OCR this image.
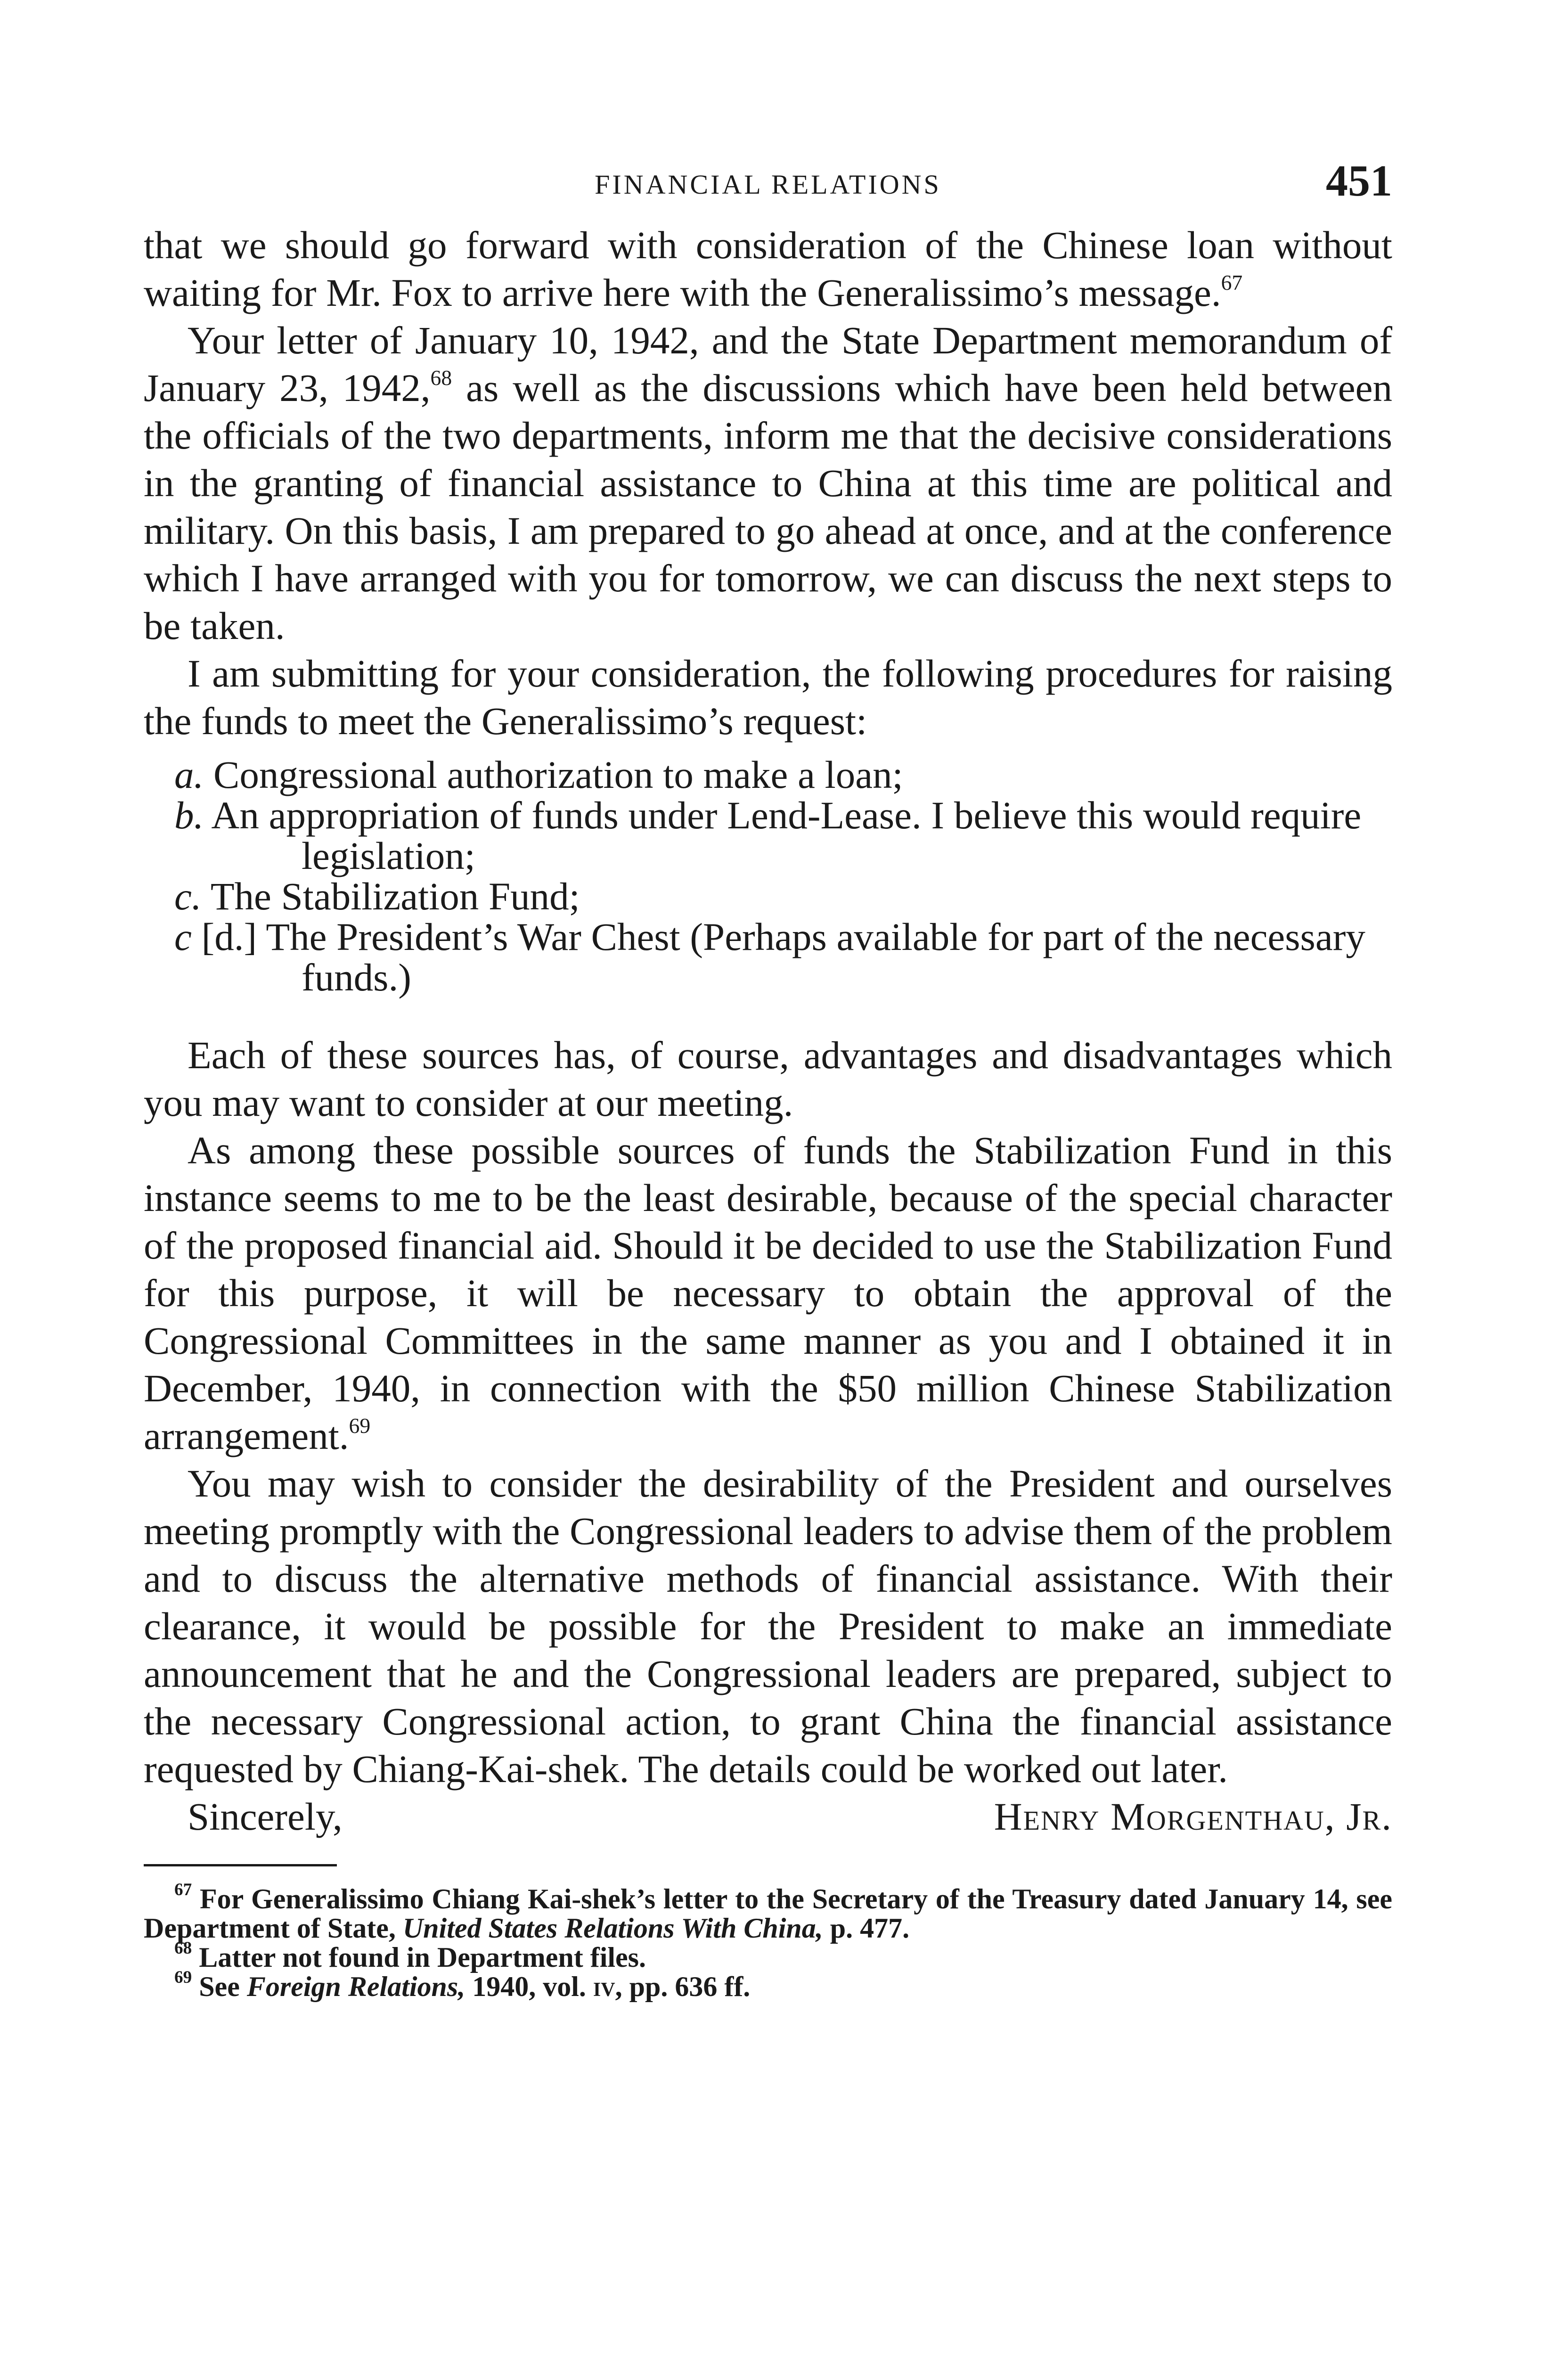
FINANCIAL RELATIONS	451

that we should go forward with consideration of the Chinese loan without waiting for Mr. Fox to arrive here with the Generalissimo’s message.$^{67}$

Your letter of January 10, 1942, and the State Department memorandum of January 23, 1942,68 as well as the discussions which have been held between the officials of the two departments, inform me that the decisive considerations in the granting of financial assistance to China at this time are political and military. On this basis, I am prepared to go ahead at once, and at the conference which I have arranged with you for tomorrow, we can discuss the next steps to be taken.

I am submitting for your consideration, the following procedures for raising the funds to meet the Generalissimo’s request:

a. Congressional authorization to make a loan;
b. An appropriation of funds under Lend-Lease. I believe this would require legislation;
c. The Stabilization Fund;
c [d.] The President’s War Chest (Perhaps available for part of the necessary funds.)

Each of these sources has, of course, advantages and disadvantages which you may want to consider at our meeting.

As among these possible sources of funds the Stabilization Fund in this instance seems to me to be the least desirable, because of the special character of the proposed financial aid. Should it be decided to use the Stabilization Fund for this purpose, it will be necessary to obtain the approval of the Congressional Committees in the same manner as you and I obtained it in December, 1940, in connection with the $50 million Chinese Stabilization arrangement.$^{69}$

You may wish to consider the desirability of the President and ourselves meeting promptly with the Congressional leaders to advise them of the problem and to discuss the alternative methods of financial assistance. With their clearance, it would be possible for the President to make an immediate announcement that he and the Congressional leaders are prepared, subject to the necessary Congressional action, to grant China the financial assistance requested by Chiang-Kai-shek. The details could be worked out later.

Sincerely,	Henry Morgenthau, Jr.

$^{67}$ For Generalissimo Chiang Kai-shek’s letter to the Secretary of the Treasury dated January 14, see Department of State, United States Relations With China, p. 477.

$^{68}$ Latter not found in Department files.

$^{69}$ See Foreign Relations, 1940, vol. iv, pp. 636 ff.
